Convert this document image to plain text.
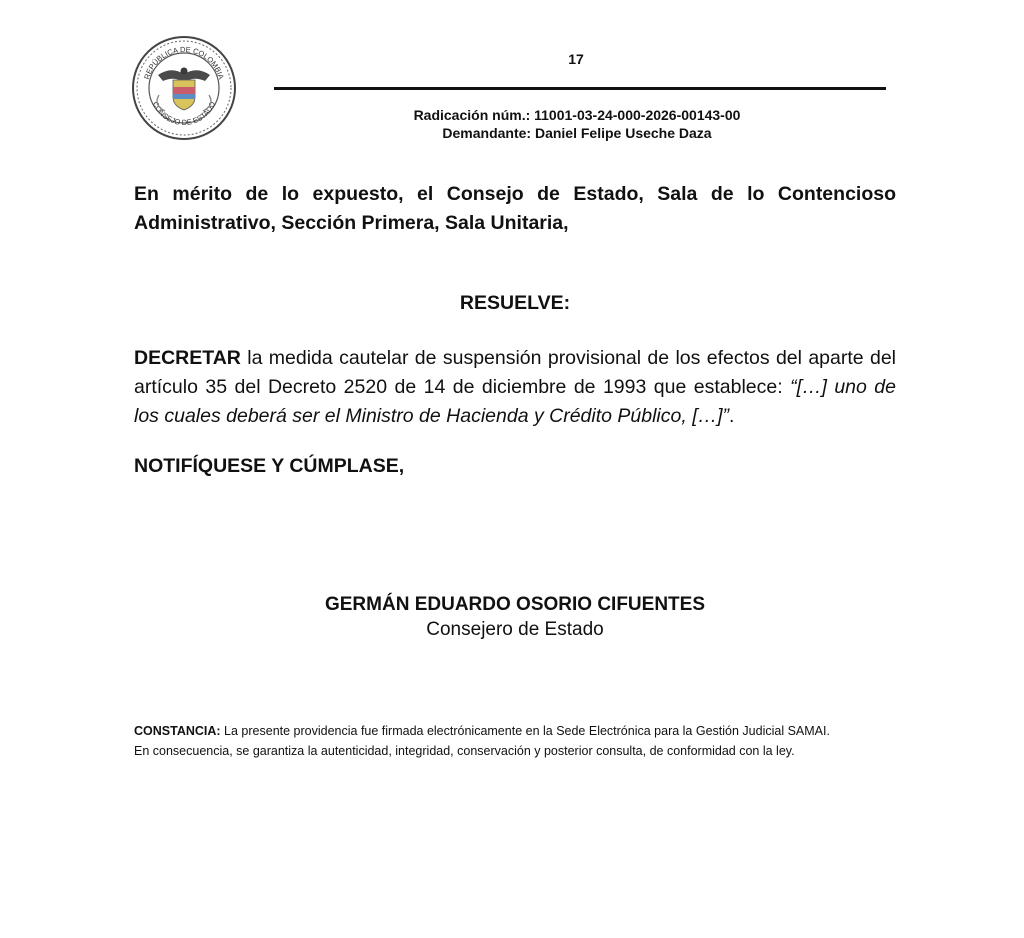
REPÚBLICA DE COLOMBIA
CONSEJO DE ESTADO
17
Radicación núm.: 11001-03-24-000-2026-00143-00
Demandante: Daniel Felipe Useche Daza
En mérito de lo expuesto, el Consejo de Estado, Sala de lo Contencioso Administrativo, Sección Primera, Sala Unitaria,
RESUELVE:
DECRETAR la medida cautelar de suspensión provisional de los efectos del aparte del artículo 35 del Decreto 2520 de 14 de diciembre de 1993 que establece: “[…] uno de los cuales deberá ser el Ministro de Hacienda y Crédito Público, […]”.
NOTIFÍQUESE Y CÚMPLASE,
GERMÁN EDUARDO OSORIO CIFUENTES
Consejero de Estado
CONSTANCIA: La presente providencia fue firmada electrónicamente en la Sede Electrónica para la Gestión Judicial SAMAI.
En consecuencia, se garantiza la autenticidad, integridad, conservación y posterior consulta, de conformidad con la ley.
